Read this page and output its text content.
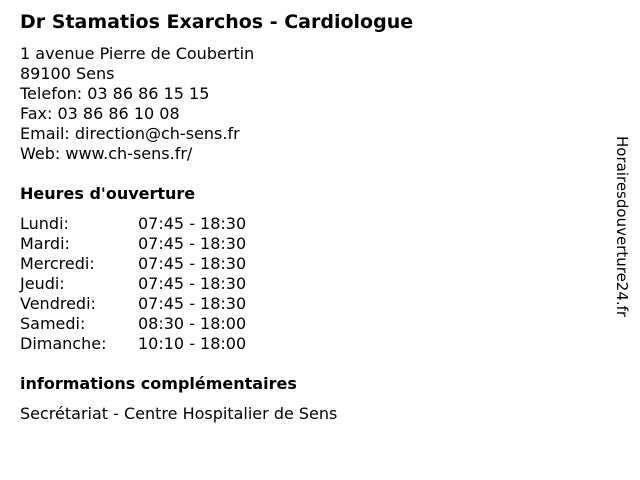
Dr Stamatios Exarchos - Cardiologue
1 avenue Pierre de Coubertin
89100 Sens
Telefon: 03 86 86 15 15
Fax: 03 86 86 10 08
Email: direction@ch-sens.fr
Web: www.ch-sens.fr/
Heures d'ouverture
Lundi:	07:45 - 18:30
Mardi:	07:45 - 18:30
Mercredi:	07:45 - 18:30
Jeudi:	07:45 - 18:30
Vendredi:	07:45 - 18:30
Samedi:	08:30 - 18:00
Dimanche: 10:10 - 18:00
informations complémentaires
Secrétariat - Centre Hospitalier de Sens
Horairesdouverture24.fr
